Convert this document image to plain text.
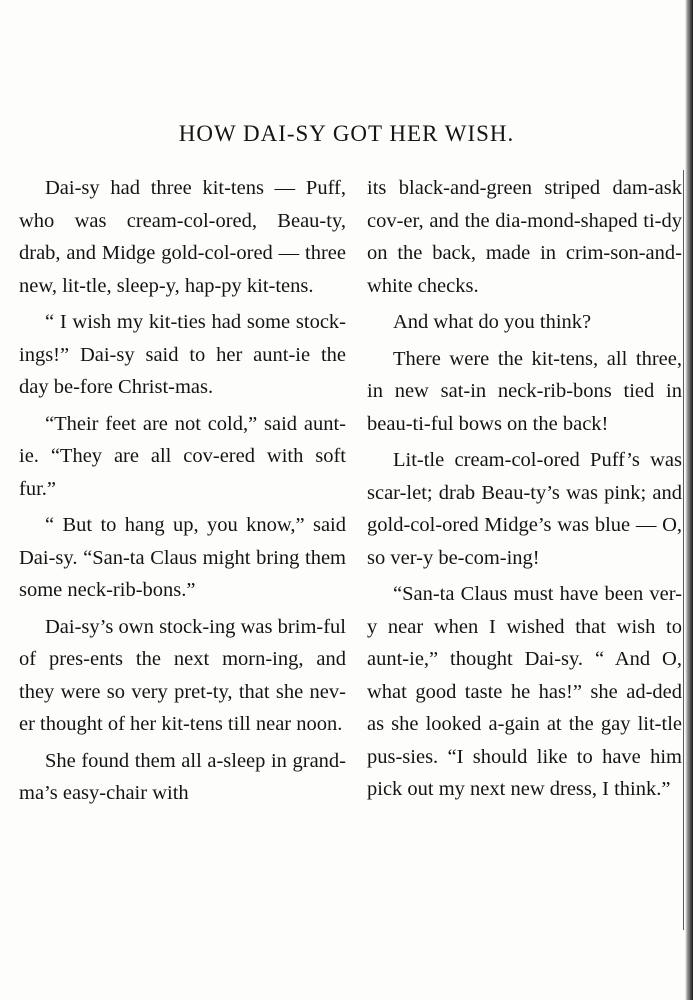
HOW DAI-SY GOT HER WISH.

Dai-sy had three kit-tens — Puff, who was cream-col-ored, Beau-ty, drab, and Midge gold-col-ored — three new, lit-tle, sleep-y, hap-py kit-tens.

“ I wish my kit-ties had some stock-ings!” Dai-sy said to her aunt-ie the day be-fore Christ-mas.

“Their feet are not cold,” said aunt-ie. “They are all cov-ered with soft fur.”

“ But to hang up, you know,” said Dai-sy. “San-ta Claus might bring them some neck-rib-bons.”

Dai-sy’s own stock-ing was brim-ful of pres-ents the next morn-ing, and they were so very pret-ty, that she nev-er thought of her kit-tens till near noon.

She found them all a-sleep in grand-ma’s easy-chair with

its black-and-green striped dam-ask cov-er, and the dia-mond-shaped ti-dy on the back, made in crim-son-and-white checks.

And what do you think?

There were the kit-tens, all three, in new sat-in neck-rib-bons tied in beau-ti-ful bows on the back!

Lit-tle cream-col-ored Puff’s was scar-let; drab Beau-ty’s was pink; and gold-col-ored Midge’s was blue — O, so ver-y be-com-ing!

“San-ta Claus must have been ver-y near when I wished that wish to aunt-ie,” thought Dai-sy. “ And O, what good taste he has!” she ad-ded as she looked a-gain at the gay lit-tle pus-sies. “I should like to have him pick out my next new dress, I think.”
